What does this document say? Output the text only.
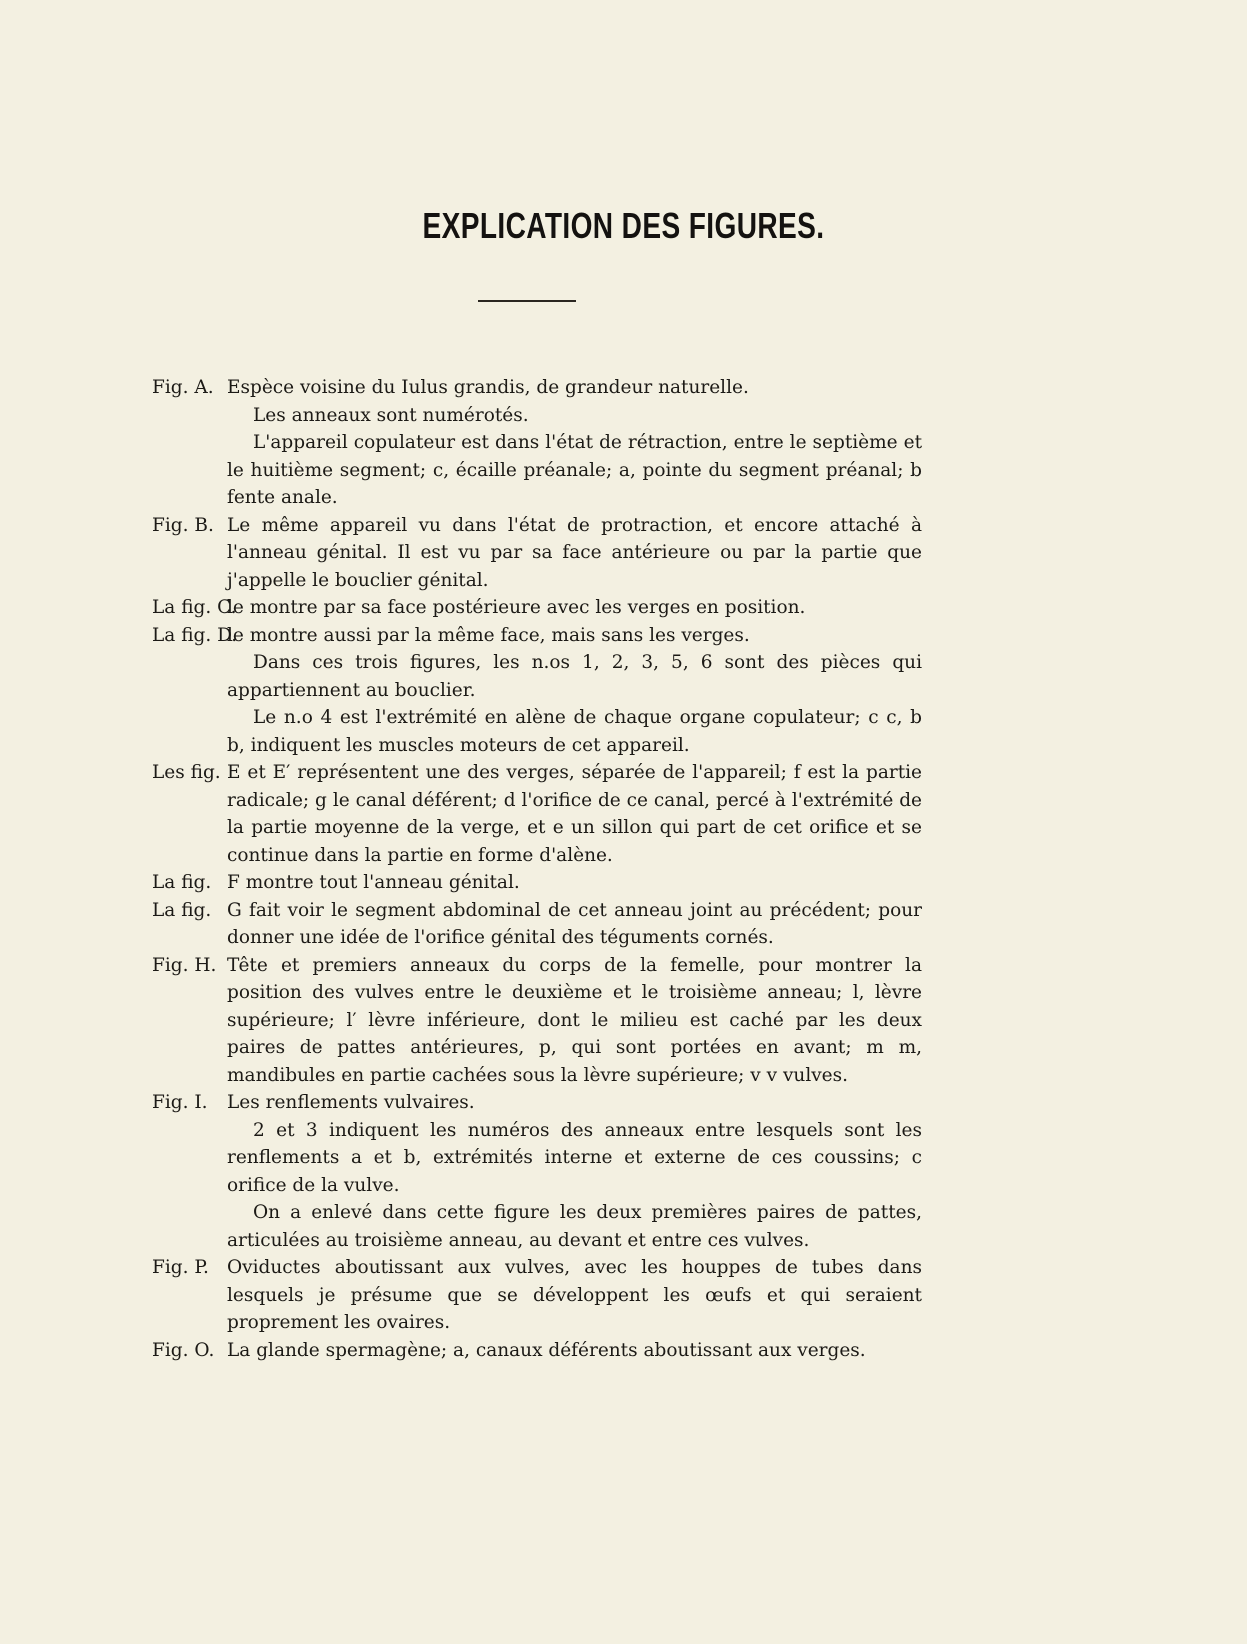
EXPLICATION DES FIGURES.
Fig. A. Espèce voisine du Iulus grandis, de grandeur naturelle.
Les anneaux sont numérotés.
L'appareil copulateur est dans l'état de rétraction, entre le septième et le huitième segment; c, écaille préanale; a, pointe du segment préanal; b fente anale.
Fig. B. Le même appareil vu dans l'état de protraction, et encore attaché à l'anneau génital. Il est vu par sa face antérieure ou par la partie que j'appelle le bouclier génital.
La fig. C.
le montre par sa face postérieure avec les verges en position.
La fig. D.
le montre aussi par la même face, mais sans les verges.
Dans ces trois figures, les n.os 1, 2, 3, 5, 6 sont des pièces qui appartiennent au bouclier.
Le n.o 4 est l'extrémité en alène de chaque organe copulateur; c c, b b, indiquent les muscles moteurs de cet appareil.
Les fig. E et E′ représentent une des verges, séparée de l'appareil; f est la partie radicale; g le canal déférent; d l'orifice de ce canal, percé à l'extrémité de la partie moyenne de la verge, et e un sillon qui part de cet orifice et se continue dans la partie en forme d'alène.
La fig. F montre tout l'anneau génital.
La fig. G fait voir le segment abdominal de cet anneau joint au précédent; pour donner une idée de l'orifice génital des téguments cornés.
Fig. H. Tête et premiers anneaux du corps de la femelle, pour montrer la position des vulves entre le deuxième et le troisième anneau; l, lèvre supérieure; l′ lèvre inférieure, dont le milieu est caché par les deux paires de pattes antérieures, p, qui sont portées en avant; m m, mandibules en partie cachées sous la lèvre supérieure; v v vulves.
Fig. I.	Les renflements vulvaires.
2 et 3 indiquent les numéros des anneaux entre lesquels sont les renflements a et b, extrémités interne et externe de ces coussins; c orifice de la vulve.
On a enlevé dans cette figure les deux premières paires de pattes, articulées au troisième anneau, au devant et entre ces vulves.
Fig. P. Oviductes aboutissant aux vulves, avec les houppes de tubes dans lesquels je présume que se développent les œufs et qui seraient proprement les ovaires.
Fig. O. La glande spermagène; a, canaux déférents aboutissant aux verges.
